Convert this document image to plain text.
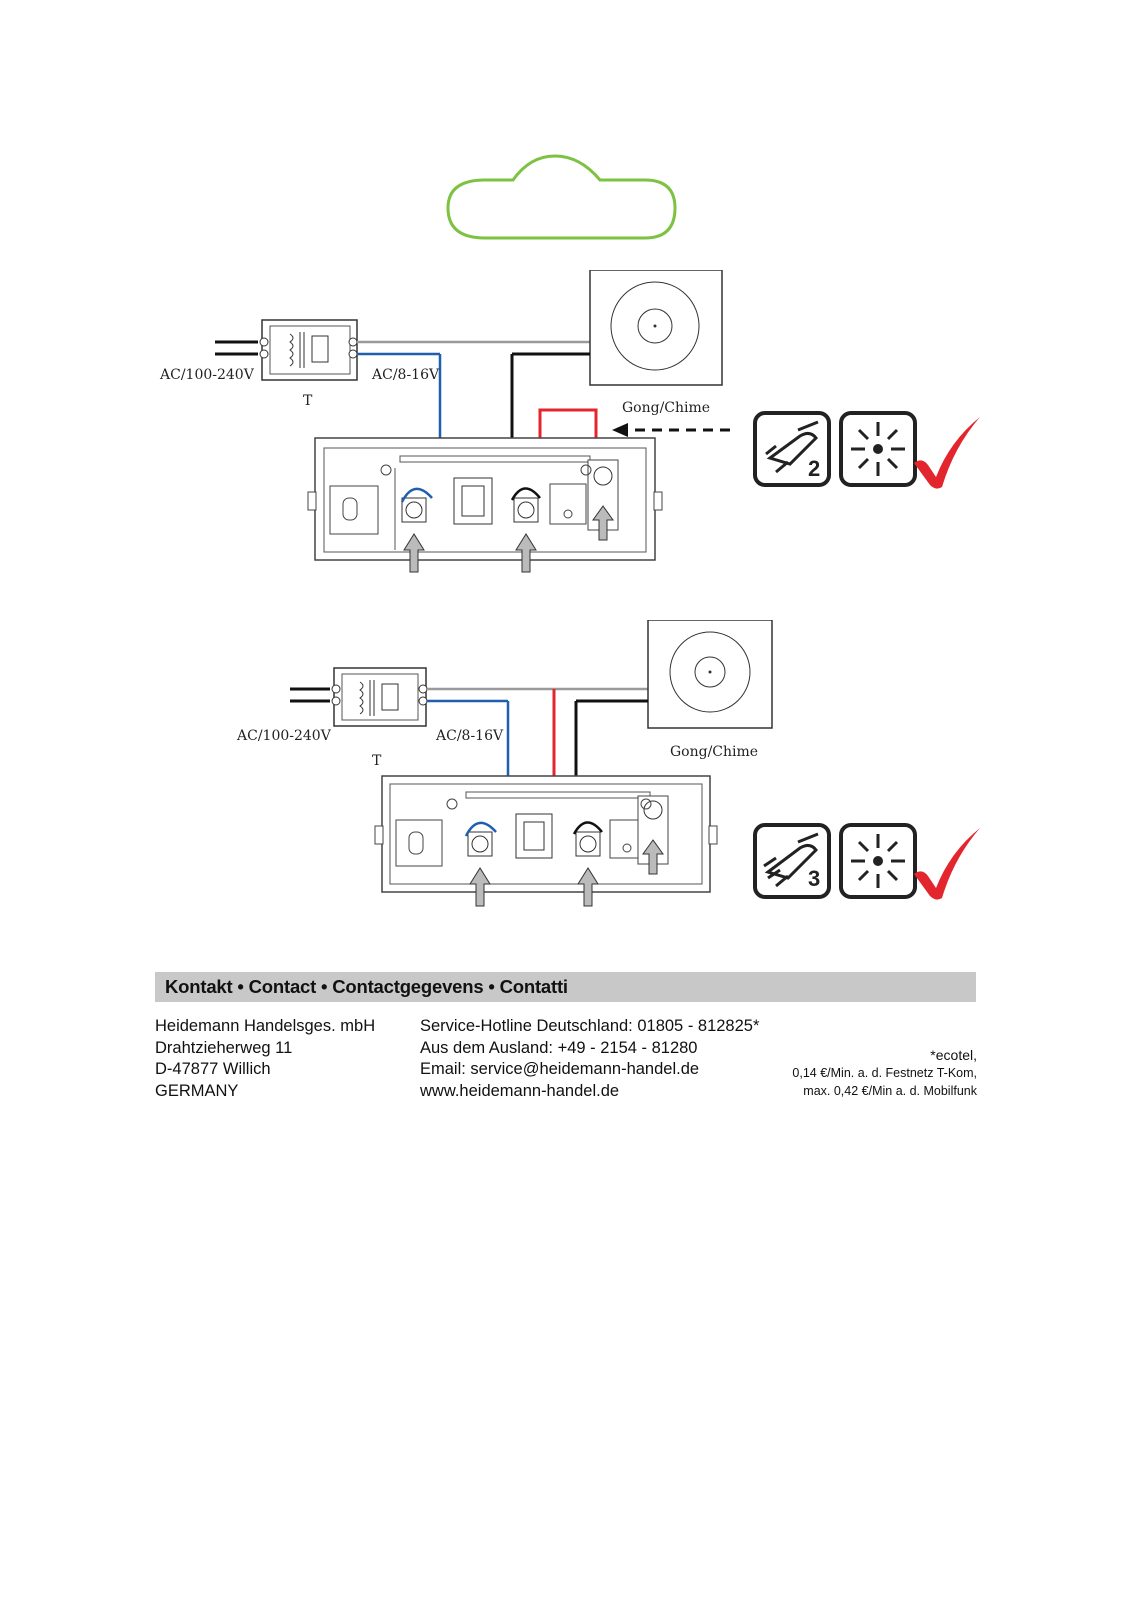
AC/100-240V	AC/8-16V
T	Gong/Chime
2
AC/100-240V	AC/8-16V
T
Gong/Chime
3
Kontakt • Contact • Contactgegevens • Contatti
Heidemann Handelsges. mbH
Drahtzieherweg 11
D-47877 Willich
GERMANY
Service-Hotline Deutschland: 01805 - 812825*
Aus dem Ausland: +49 - 2154 - 81280
Email: service@heidemann-handel.de
www.heidemann-handel.de
*ecotel,
0,14 €/Min. a. d. Festnetz T-Kom,
max. 0,42 €/Min a. d. Mobilfunk
